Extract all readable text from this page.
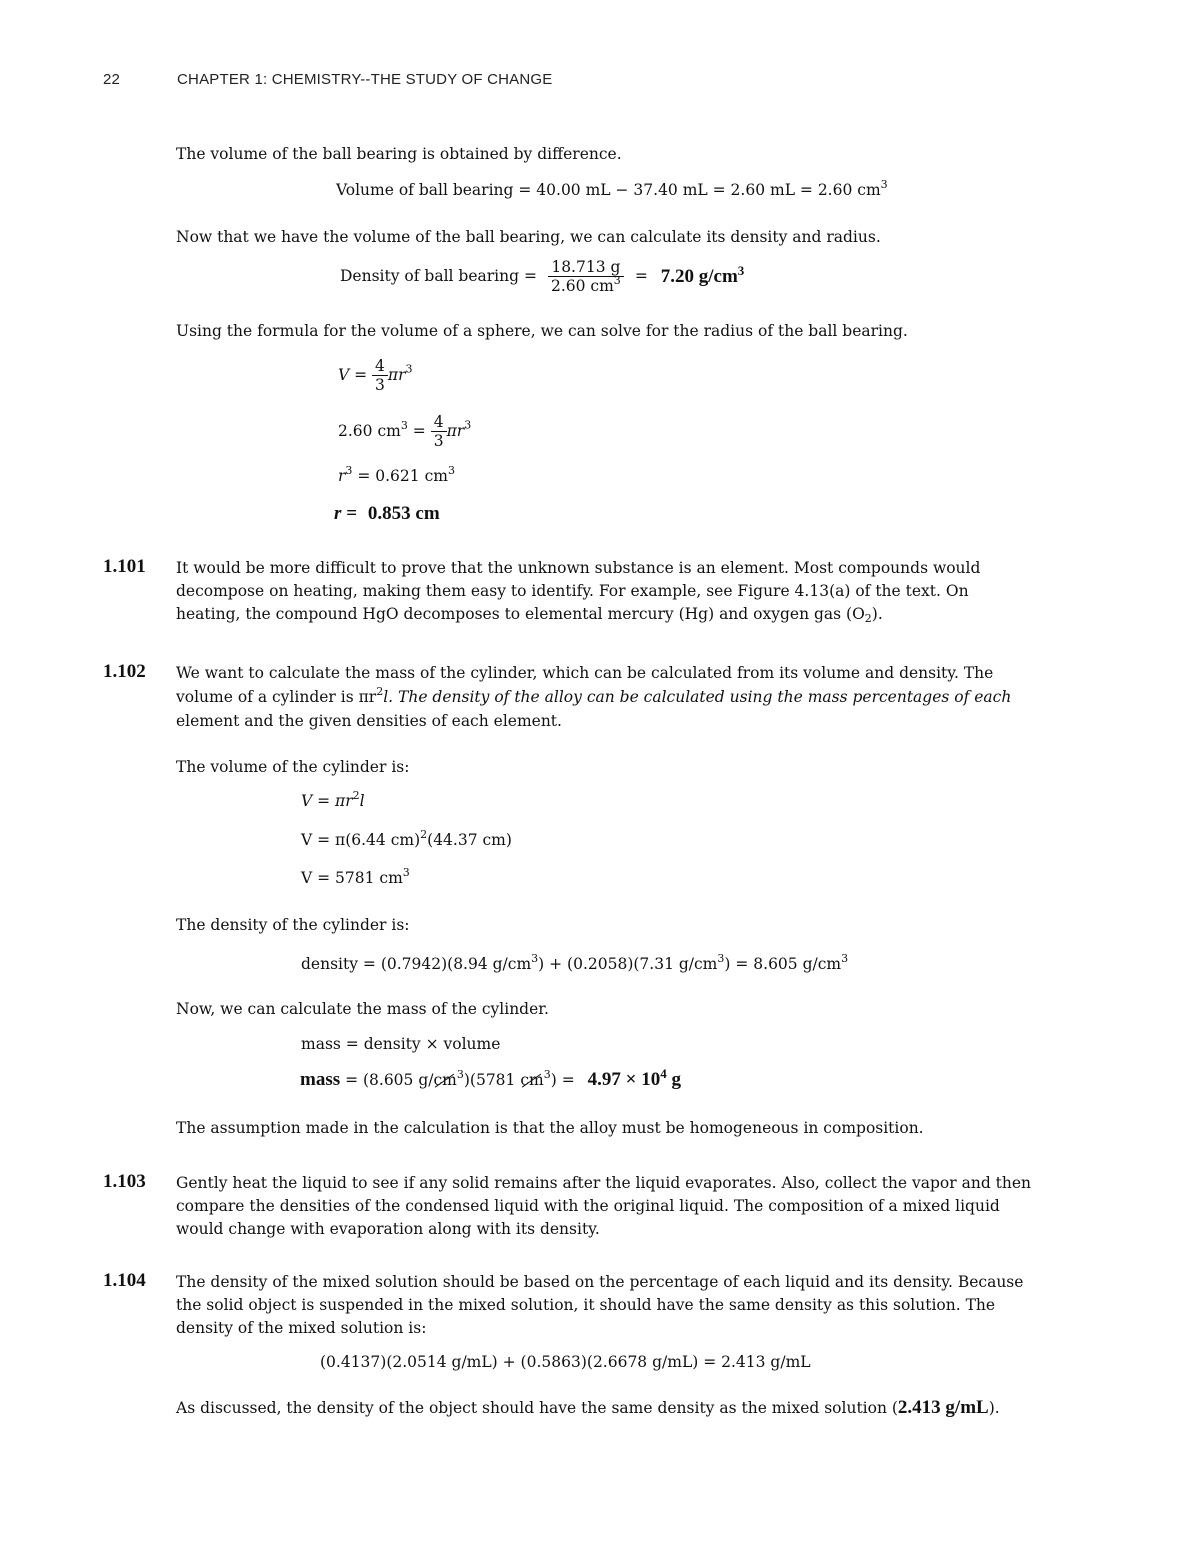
22	CHAPTER 1: CHEMISTRY--THE STUDY OF CHANGE
The volume of the ball bearing is obtained by difference.
Volume of ball bearing = 40.00 mL − 37.40 mL = 2.60 mL = 2.60 $cm^3$
Now that we have the volume of the ball bearing, we can calculate its density and radius.
Density of ball bearing = $\frac{18.713 g}{2.60 cm^3} = 7.20$ $g/cm^3$
Using the formula for the volume of a sphere, we can solve for the radius of the ball bearing.
$V = \frac{4}{3} \pi r^3$
2.60 $cm^3 = \frac{4}{3} \pi r^3$
$r^3 = 0.621$ $cm^3$
r = 0.853 cm
1.101 It would be more difficult to prove that the unknown substance is an element. Most compounds would decompose on heating, making them easy to identify. For example, see Figure 4.13(a) of the text. On heating, the compound HgO decomposes to elemental mercury (Hg) and oxygen gas $(O_2)$.
1.102 We want to calculate the mass of the cylinder, which can be calculated from its volume and density. The
volume of a cylinder is $\pi r^2l$. The density of the alloy can be calculated using the mass percentages of each
element and the given densities of each element.
The volume of the cylinder is:
$V = \pi r^2l$
V = π(6.44 cm)$^2$(44.37 cm)
V = 5781 $cm^3$
The density of the cylinder is:
density = (0.7942)(8.94 $g/cm^3) + (0.2058)(7.31$ $g/cm^3) = 8.605$ $g/cm^3$
Now, we can calculate the mass of the cylinder.
mass = density × volume
mass = (8.605 $g/cm^3)(5781$ $cm^3) = 4.97 \times 10^4$ g
The assumption made in the calculation is that the alloy must be homogeneous in composition.
1.103 Gently heat the liquid to see if any solid remains after the liquid evaporates. Also, collect the vapor and then compare the densities of the condensed liquid with the original liquid. The composition of a mixed liquid would change with evaporation along with its density.
1.104 The density of the mixed solution should be based on the percentage of each liquid and its density. Because the solid object is suspended in the mixed solution, it should have the same density as this solution. The density of the mixed solution is:
(0.4137)(2.0514 g/mL) + (0.5863)(2.6678 g/mL) = 2.413 g/mL
As discussed, the density of the object should have the same density as the mixed solution (2.413 g/mL).
